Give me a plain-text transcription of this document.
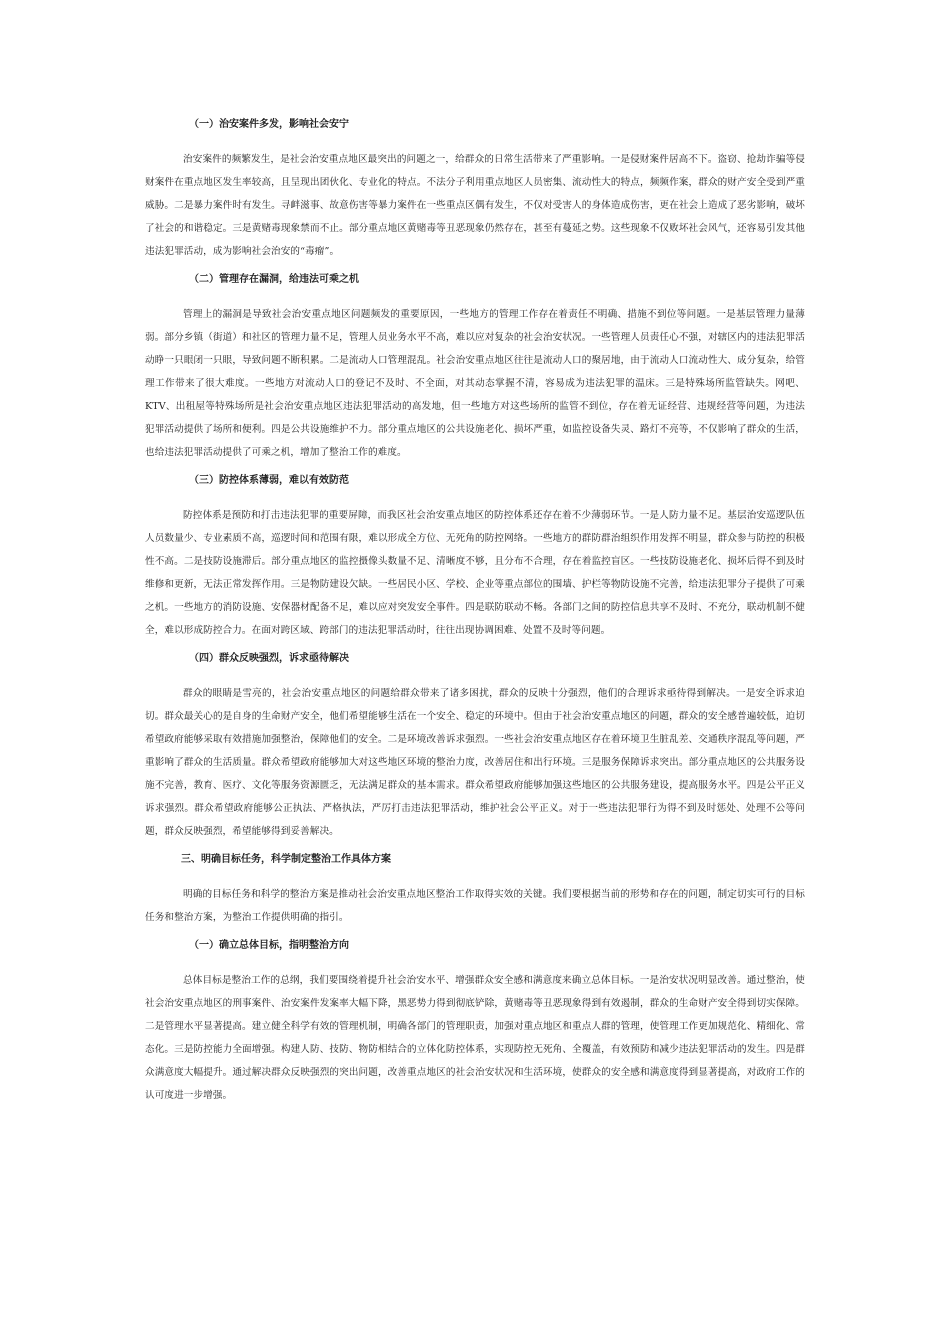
（一）治安案件多发，影响社会安宁

治安案件的频繁发生，是社会治安重点地区最突出的问题之一，给群众的日常生活带来了严重影响。一是侵财案件居高不下。盗窃、抢劫诈骗等侵财案件在重点地区发生率较高，且呈现出团伙化、专业化的特点。不法分子利用重点地区人员密集、流动性大的特点，频频作案，群众的财产安全受到严重威胁。二是暴力案件时有发生。寻衅滋事、故意伤害等暴力案件在一些重点区偶有发生，不仅对受害人的身体造成伤害，更在社会上造成了恶劣影响，破坏了社会的和谐稳定。三是黄赌毒现象禁而不止。部分重点地区黄赌毒等丑恶现象仍然存在，甚至有蔓延之势。这些现象不仅败坏社会风气，还容易引发其他违法犯罪活动，成为影响社会治安的“毒瘤”。

（二）管理存在漏洞，给违法可乘之机

管理上的漏洞是导致社会治安重点地区问题频发的重要原因，一些地方的管理工作存在着责任不明确、措施不到位等问题。一是基层管理力量薄弱。部分乡镇（街道）和社区的管理力量不足，管理人员业务水平不高，难以应对复杂的社会治安状况。一些管理人员责任心不强，对辖区内的违法犯罪活动睁一只眼闭一只眼，导致问题不断积累。二是流动人口管理混乱。社会治安重点地区往往是流动人口的聚居地，由于流动人口流动性大、成分复杂，给管理工作带来了很大难度。一些地方对流动人口的登记不及时、不全面，对其动态掌握不清，容易成为违法犯罪的温床。三是特殊场所监管缺失。网吧、KTV、出租屋等特殊场所是社会治安重点地区违法犯罪活动的高发地，但一些地方对这些场所的监管不到位，存在着无证经营、违规经营等问题，为违法犯罪活动提供了场所和便利。四是公共设施维护不力。部分重点地区的公共设施老化、损坏严重，如监控设备失灵、路灯不亮等，不仅影响了群众的生活，也给违法犯罪活动提供了可乘之机，增加了整治工作的难度。

（三）防控体系薄弱，难以有效防范

防控体系是预防和打击违法犯罪的重要屏障，而我区社会治安重点地区的防控体系还存在着不少薄弱环节。一是人防力量不足。基层治安巡逻队伍人员数量少、专业素质不高，巡逻时间和范围有限，难以形成全方位、无死角的防控网络。一些地方的群防群治组织作用发挥不明显，群众参与防控的积极性不高。二是技防设施滞后。部分重点地区的监控摄像头数量不足、清晰度不够，且分布不合理，存在着监控盲区。一些技防设施老化、损坏后得不到及时维修和更新，无法正常发挥作用。三是物防建设欠缺。一些居民小区、学校、企业等重点部位的围墙、护栏等物防设施不完善，给违法犯罪分子提供了可乘之机。一些地方的消防设施、安保器材配备不足，难以应对突发安全事件。四是联防联动不畅。各部门之间的防控信息共享不及时、不充分，联动机制不健全，难以形成防控合力。在面对跨区域、跨部门的违法犯罪活动时，往往出现协调困难、处置不及时等问题。

（四）群众反映强烈，诉求亟待解决

群众的眼睛是雪亮的，社会治安重点地区的问题给群众带来了诸多困扰，群众的反映十分强烈，他们的合理诉求亟待得到解决。一是安全诉求迫切。群众最关心的是自身的生命财产安全，他们希望能够生活在一个安全、稳定的环境中。但由于社会治安重点地区的问题，群众的安全感普遍较低，迫切希望政府能够采取有效措施加强整治，保障他们的安全。二是环境改善诉求强烈。一些社会治安重点地区存在着环境卫生脏乱差、交通秩序混乱等问题，严重影响了群众的生活质量。群众希望政府能够加大对这些地区环境的整治力度，改善居住和出行环境。三是服务保障诉求突出。部分重点地区的公共服务设施不完善，教育、医疗、文化等服务资源匮乏，无法满足群众的基本需求。群众希望政府能够加强这些地区的公共服务建设，提高服务水平。四是公平正义诉求强烈。群众希望政府能够公正执法、严格执法，严厉打击违法犯罪活动，维护社会公平正义。对于一些违法犯罪行为得不到及时惩处、处理不公等问题，群众反映强烈，希望能够得到妥善解决。

三、明确目标任务，科学制定整治工作具体方案

明确的目标任务和科学的整治方案是推动社会治安重点地区整治工作取得实效的关键。我们要根据当前的形势和存在的问题，制定切实可行的目标任务和整治方案，为整治工作提供明确的指引。

（一）确立总体目标，指明整治方向

总体目标是整治工作的总纲，我们要围绕着提升社会治安水平、增强群众安全感和满意度来确立总体目标。一是治安状况明显改善。通过整治，使社会治安重点地区的刑事案件、治安案件发案率大幅下降，黑恶势力得到彻底铲除，黄赌毒等丑恶现象得到有效遏制，群众的生命财产安全得到切实保障。二是管理水平显著提高。建立健全科学有效的管理机制，明确各部门的管理职责，加强对重点地区和重点人群的管理，使管理工作更加规范化、精细化、常态化。三是防控能力全面增强。构建人防、技防、物防相结合的立体化防控体系，实现防控无死角、全覆盖，有效预防和减少违法犯罪活动的发生。四是群众满意度大幅提升。通过解决群众反映强烈的突出问题，改善重点地区的社会治安状况和生活环境，使群众的安全感和满意度得到显著提高，对政府工作的认可度进一步增强。
